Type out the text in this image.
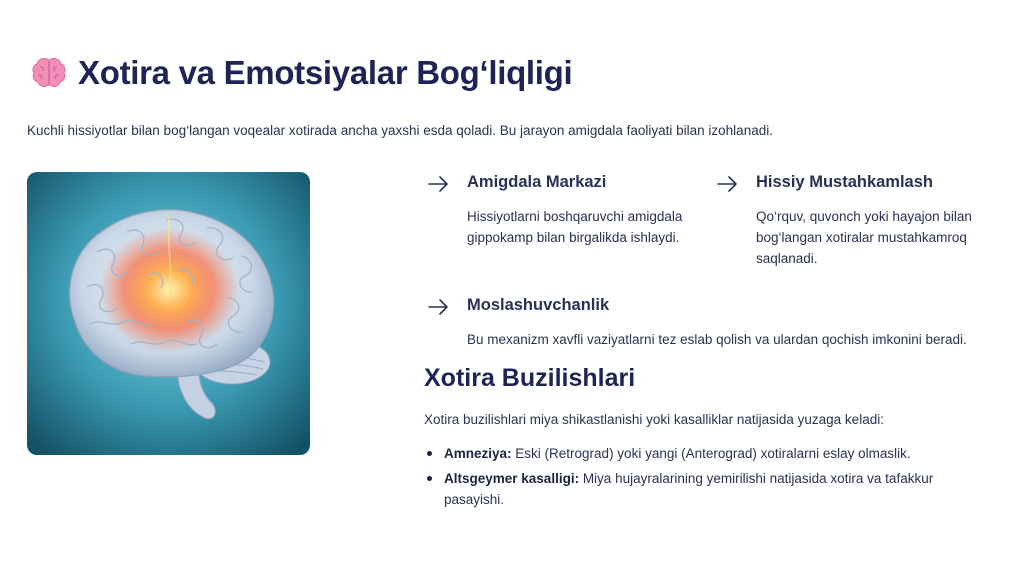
Xotira va Emotsiyalar Bog‘liqligi

Kuchli hissiyotlar bilan bog‘langan voqealar xotirada ancha yaxshi esda qoladi. Bu jarayon amigdala faoliyati bilan izohlanadi.

Amigdala Markazi

Hissiyotlarni boshqaruvchi amigdala gippokamp bilan birgalikda ishlaydi.

Hissiy Mustahkamlash

Qo‘rquv, quvonch yoki hayajon bilan bog‘langan xotiralar mustahkamroq saqlanadi.

Moslashuvchanlik

Bu mexanizm xavfli vaziyatlarni tez eslab qolish va ulardan qochish imkonini beradi.

Xotira Buzilishlari

Xotira buzilishlari miya shikastlanishi yoki kasalliklar natijasida yuzaga keladi:

Amneziya: Eski (Retrograd) yoki yangi (Anterograd) xotiralarni eslay olmaslik.
Altsgeymer kasalligi: Miya hujayralarining yemirilishi natijasida xotira va tafakkur pasayishi.
